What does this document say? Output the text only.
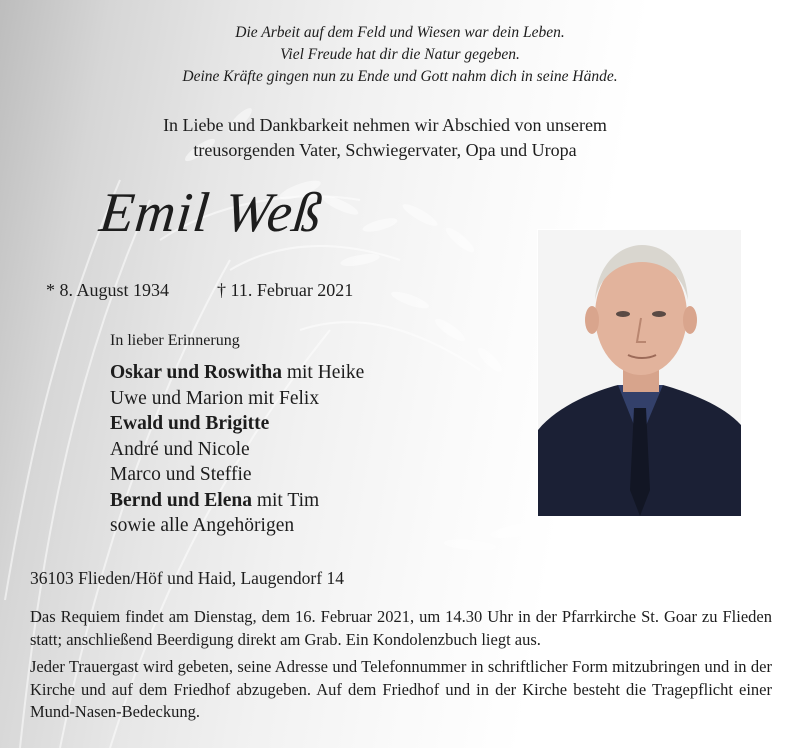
Die Arbeit auf dem Feld und Wiesen war dein Leben.
Viel Freude hat dir die Natur gegeben.
Deine Kräfte gingen nun zu Ende und Gott nahm dich in seine Hände.
In Liebe und Dankbarkeit nehmen wir Abschied von unserem
treusorgenden Vater, Schwiegervater, Opa und Uropa
Emil Weß
* 8. August 1934	† 11. Februar 2021
In lieber Erinnerung
Oskar und Roswitha mit Heike
Uwe und Marion mit Felix
Ewald und Brigitte
André und Nicole
Marco und Steffie
Bernd und Elena mit Tim
sowie alle Angehörigen
36103 Flieden/Höf und Haid, Laugendorf 14
Das Requiem findet am Dienstag, dem 16. Februar 2021, um 14.30 Uhr in der Pfarrkirche St. Goar zu Flieden statt; anschließend Beerdigung direkt am Grab. Ein Kondolenzbuch liegt aus.
Jeder Trauergast wird gebeten, seine Adresse und Telefonnummer in schriftlicher Form mitzubringen und in der Kirche und auf dem Friedhof abzugeben. Auf dem Friedhof und in der Kirche besteht die Tragepflicht einer Mund-Nasen-Bedeckung.
